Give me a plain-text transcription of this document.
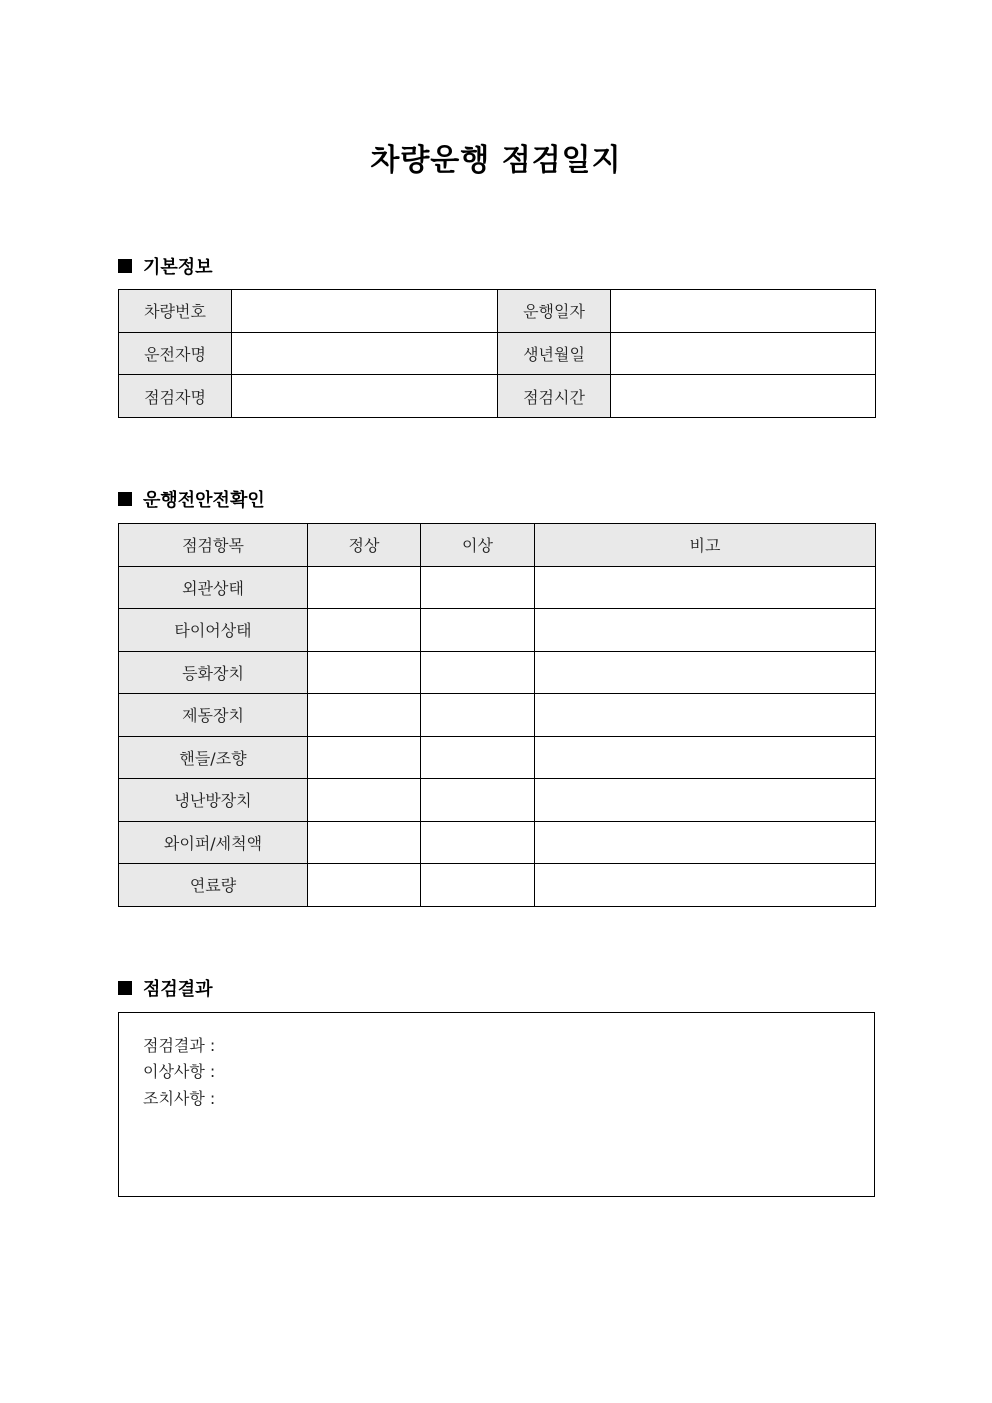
차량운행 점검일지
기본정보
차량번호		운행일자	
운전자명		생년월일	
점검자명		점검시간	
운행전안전확인
점검항목	정상	이상	비고
외관상태			
타이어상태			
등화장치			
제동장치			
핸들/조향			
냉난방장치			
와이퍼/세척액			
연료량			
점검결과
점검결과 :
이상사항 :
조치사항 :
